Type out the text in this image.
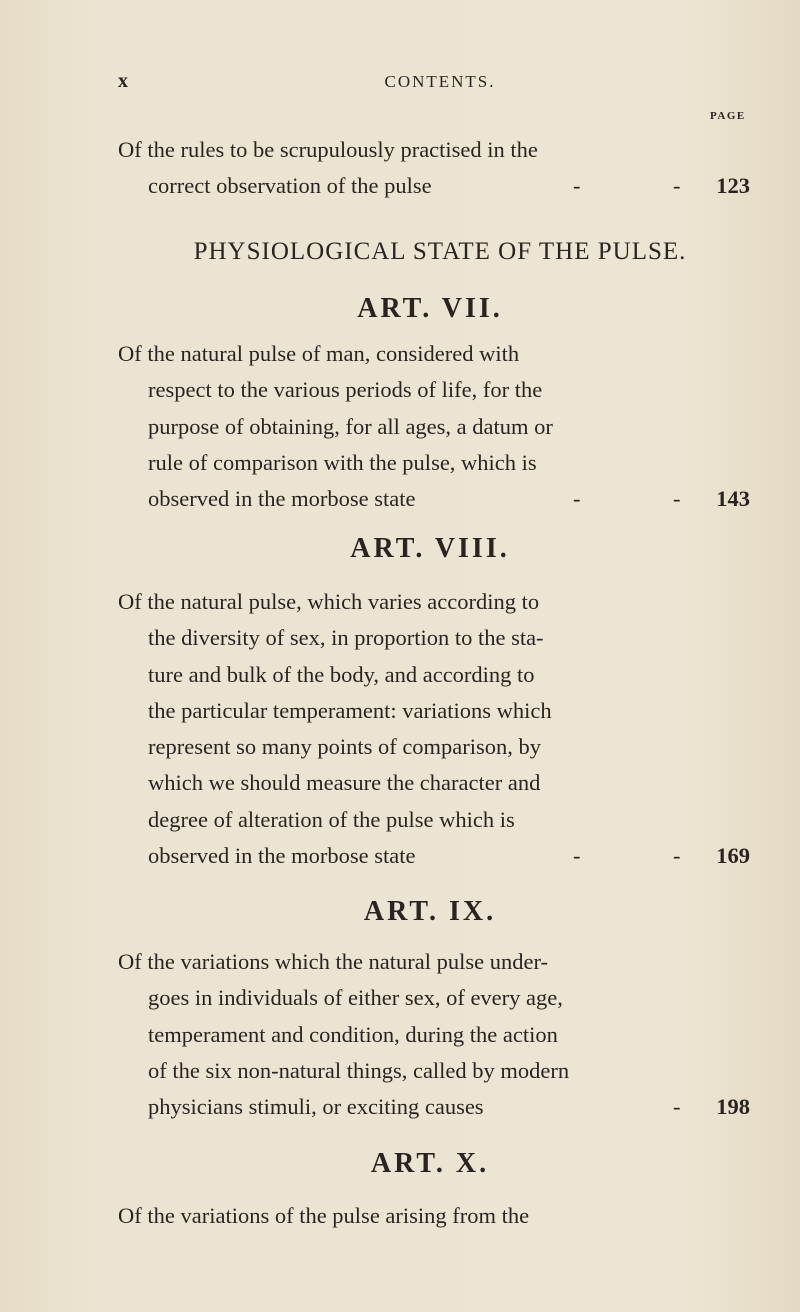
x	CONTENTS.
PAGE
Of the rules to be scrupulously practised in the
correct observation of the pulse	-	- 123
PHYSIOLOGICAL STATE OF THE PULSE.
ART. VII.
Of the natural pulse of man, considered with
respect to the various periods of life, for the
purpose of obtaining, for all ages, a datum or
rule of comparison with the pulse, which is
observed in the morbose state	-	- 143
ART. VIII.
Of the natural pulse, which varies according to
the diversity of sex, in proportion to the sta-
ture and bulk of the body, and according to
the particular temperament: variations which
represent so many points of comparison, by
which we should measure the character and
degree of alteration of the pulse which is
observed in the morbose state	-	- 169
ART. IX.
Of the variations which the natural pulse under-
goes in individuals of either sex, of every age,
temperament and condition, during the action
of the six non-natural things, called by modern
physicians stimuli, or exciting causes	- 198
ART. X.
Of the variations of the pulse arising from the
